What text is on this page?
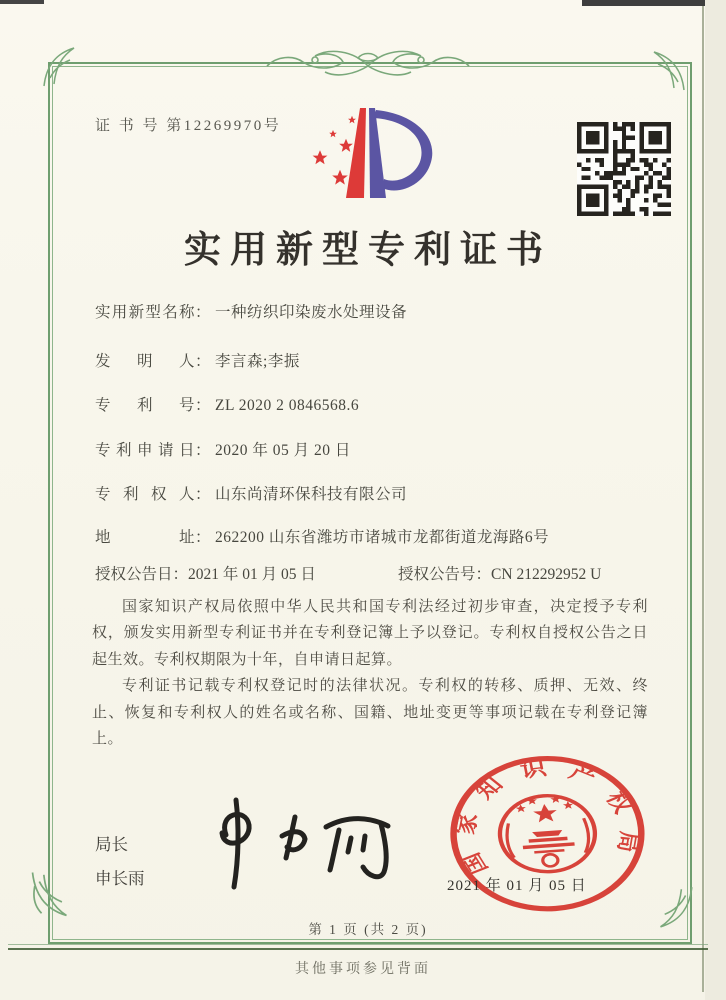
证 书 号 第12269970号
实用新型专利证书
实用新型名称： 一种纺织印染废水处理设备
发明人： 李言森;李振
专利号： ZL 2020 2 0846568.6
专利申请日： 2020 年 05 月 20 日
专利权人： 山东尚清环保科技有限公司
地址： 262200 山东省潍坊市诸城市龙都街道龙海路6号
授权公告日：2021 年 01 月 05 日	授权公告号：CN 212292952 U

国家知识产权局依照中华人民共和国专利法经过初步审查，决定授予专利权，颁发实用新型专利证书并在专利登记簿上予以登记。专利权自授权公告之日起生效。专利权期限为十年，自申请日起算。

专利证书记载专利权登记时的法律状况。专利权的转移、质押、无效、终止、恢复和专利权人的姓名或名称、国籍、地址变更等事项记载在专利登记簿上。

局长
申长雨
国家知识产权局
2021 年 01 月 05 日
第 1 页 (共 2 页)
其他事项参见背面
